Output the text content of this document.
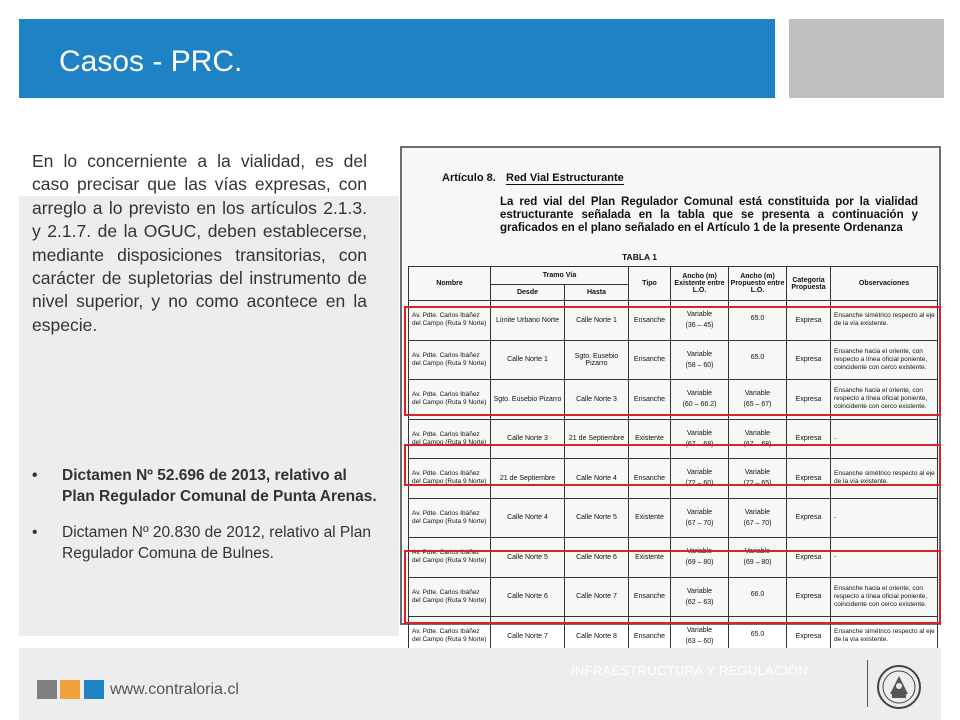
Casos - PRC.

En lo concerniente a la vialidad, es del caso precisar que las vías expresas, con arreglo a lo previsto en los artículos 2.1.3. y 2.1.7. de la OGUC, deben establecerse, mediante disposiciones transitorias, con carácter de supletorias del instrumento de nivel superior, y no como acontece en la especie.

• Dictamen Nº 52.696 de 2013, relativo al Plan Regulador Comunal de Punta Arenas.
• Dictamen Nº 20.830 de 2012, relativo al Plan Regulador Comuna de Bulnes.
Artículo 8. Red Vial Estructurante
La red vial del Plan Regulador Comunal está constituida por la vialidad estructurante señalada en la tabla que se presenta a continuación y graficados en el plano señalado en el Artículo 1 de la presente Ordenanza
TABLA 1
Nombre	Tramo Vía		Tipo	Ancho (m) Existente entre L.O.	Ancho (m) Propuesto entre L.O.	Categoría Propuesta	Observaciones
	Desde	Hasta					
Av. Pdte. Carlos Ibáñez del Campo (Ruta 9 Norte)	Límite Urbano Norte	Calle Norte 1	Ensanche	Variable
(36 – 45)	65.0	Expresa	Ensanche simétrico respecto al eje de la vía existente.
Av. Pdte. Carlos Ibáñez del Campo (Ruta 9 Norte)	Calle Norte 1	Sgto. Eusebio Pizarro	Ensanche	Variable
(58 – 60)	65.0	Expresa	Ensanche hacia el oriente, con respecto a línea oficial poniente, coincidente con cerco existente.
Av. Pdte. Carlos Ibáñez del Campo (Ruta 9 Norte)	Sgto. Eusebio Pizarro	Calle Norte 3	Ensanche	Variable
(60 – 66.2)	Variable
(65 – 67)	Expresa	Ensanche hacia el oriente, con respecto a línea oficial poniente, coincidente con cerco existente.
Av. Pdte. Carlos Ibáñez del Campo (Ruta 9 Norte)	Calle Norte 3	21 de Septiembre	Existente	Variable
(67 – 68)	Variable
(67 – 68)	Expresa	-
Av. Pdte. Carlos Ibáñez del Campo (Ruta 9 Norte)	21 de Septiembre	Calle Norte 4	Ensanche	Variable
(72 – 60)	Variable
(72 – 65)	Expresa	Ensanche simétrico respecto al eje de la vía existente.
Av. Pdte. Carlos Ibáñez del Campo (Ruta 9 Norte)	Calle Norte 4	Calle Norte 5	Existente	Variable
(67 – 70)	Variable
(67 – 70)	Expresa	-
Av. Pdte. Carlos Ibáñez del Campo (Ruta 9 Norte)	Calle Norte 5	Calle Norte 6	Existente	Variable
(69 – 80)	Variable
(69 – 80)	Expresa	-
Av. Pdte. Carlos Ibáñez del Campo (Ruta 9 Norte)	Calle Norte 6	Calle Norte 7	Ensanche	Variable
(62 – 63)	66.0	Expresa	Ensanche hacia el oriente, con respecto a línea oficial poniente, coincidente con cerco existente.
Av. Pdte. Carlos Ibáñez del Campo (Ruta 9 Norte)	Calle Norte 7	Calle Norte 8	Ensanche	Variable
(63 – 60)	65.0	Expresa	Ensanche simétrico respecto al eje de la vía existente.
INFRAESTRUCTURA Y REGULACIÓN
www.contraloria.cl
